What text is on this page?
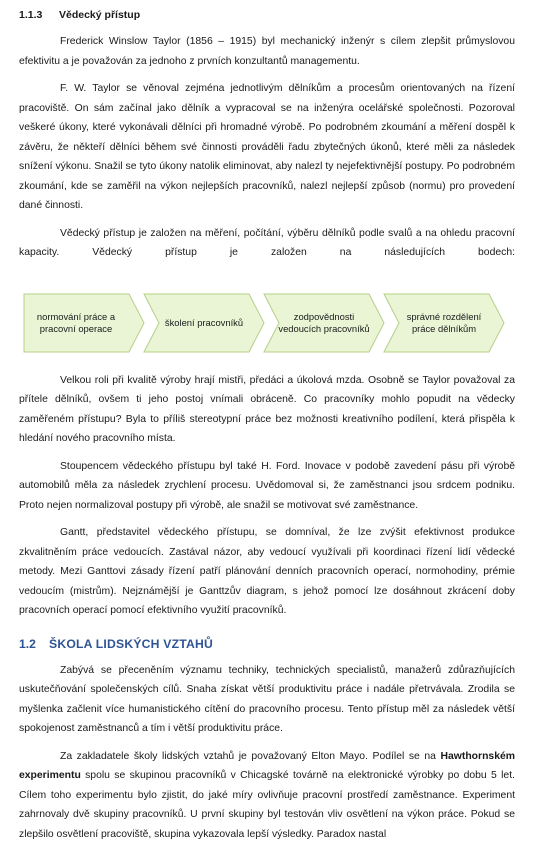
1.1.3 Vědecký přístup

Frederick Winslow Taylor (1856 – 1915) byl mechanický inženýr s cílem zlepšit průmyslovou efektivitu a je považován za jednoho z prvních konzultantů managementu.

F. W. Taylor se věnoval zejména jednotlivým dělníkům a procesům orientovaných na řízení pracoviště. On sám začínal jako dělník a vypracoval se na inženýra ocelářské společnosti. Pozoroval veškeré úkony, které vykonávali dělníci při hromadné výrobě. Po podrobném zkoumání a měření dospěl k závěru, že někteří dělníci během své činnosti prováděli řadu zbytečných úkonů, které měli za následek snížení výkonu. Snažil se tyto úkony natolik eliminovat, aby nalezl ty nejefektivnější postupy. Po podrobném zkoumání, kde se zaměřil na výkon nejlepších pracovníků, nalezl nejlepší způsob (normu) pro provedení dané činnosti.

Vědecký přístup je založen na měření, počítání, výběru dělníků podle svalů a na ohledu pracovní kapacity. Vědecký přístup je založen na následujících bodech:

normování práce a pracovní operace
školení pracovníků
zodpovědnosti vedoucích pracovníků
správné rozdělení práce dělníkům

Velkou roli při kvalitě výroby hrají mistři, předáci a úkolová mzda. Osobně se Taylor považoval za přítele dělníků, ovšem ti jeho postoj vnímali obráceně. Co pracovníky mohlo popudit na vědecky zaměřeném přístupu? Byla to příliš stereotypní práce bez možnosti kreativního podílení, která přispěla k hledání nového pracovního místa.

Stoupencem vědeckého přístupu byl také H. Ford. Inovace v podobě zavedení pásu při výrobě automobilů měla za následek zrychlení procesu. Uvědomoval si, že zaměstnanci jsou srdcem podniku. Proto nejen normalizoval postupy při výrobě, ale snažil se motivovat své zaměstnance.

Gantt, představitel vědeckého přístupu, se domníval, že lze zvýšit efektivnost produkce zkvalitněním práce vedoucích. Zastával názor, aby vedoucí využívali při koordinaci řízení lidí vědecké metody. Mezi Ganttovi zásady řízení patří plánování denních pracovních operací, normohodiny, prémie vedoucím (mistrům). Nejznámější je Ganttzův diagram, s jehož pomocí lze dosáhnout zkrácení doby pracovních operací pomocí efektivního využití pracovníků.

1.2 ŠKOLA LIDSKÝCH VZTAHŮ

Zabývá se přeceněním významu techniky, technických specialistů, manažerů zdůrazňujících uskutečňování společenských cílů. Snaha získat větší produktivitu práce i nadále přetrvávala. Zrodila se myšlenka začlenit více humanistického cítění do pracovního procesu. Tento přístup měl za následek větší spokojenost zaměstnanců a tím i větší produktivitu práce.

Za zakladatele školy lidských vztahů je považovaný Elton Mayo. Podílel se na Hawthornském experimentu spolu se skupinou pracovníků v Chicagské továrně na elektronické výrobky po dobu 5 let. Cílem toho experimentu bylo zjistit, do jaké míry ovlivňuje pracovní prostředí zaměstnance. Experiment zahrnovaly dvě skupiny pracovníků. U první skupiny byl testován vliv osvětlení na výkon práce. Pokud se zlepšilo osvětlení pracoviště, skupina vykazovala lepší výsledky. Paradox nastal
